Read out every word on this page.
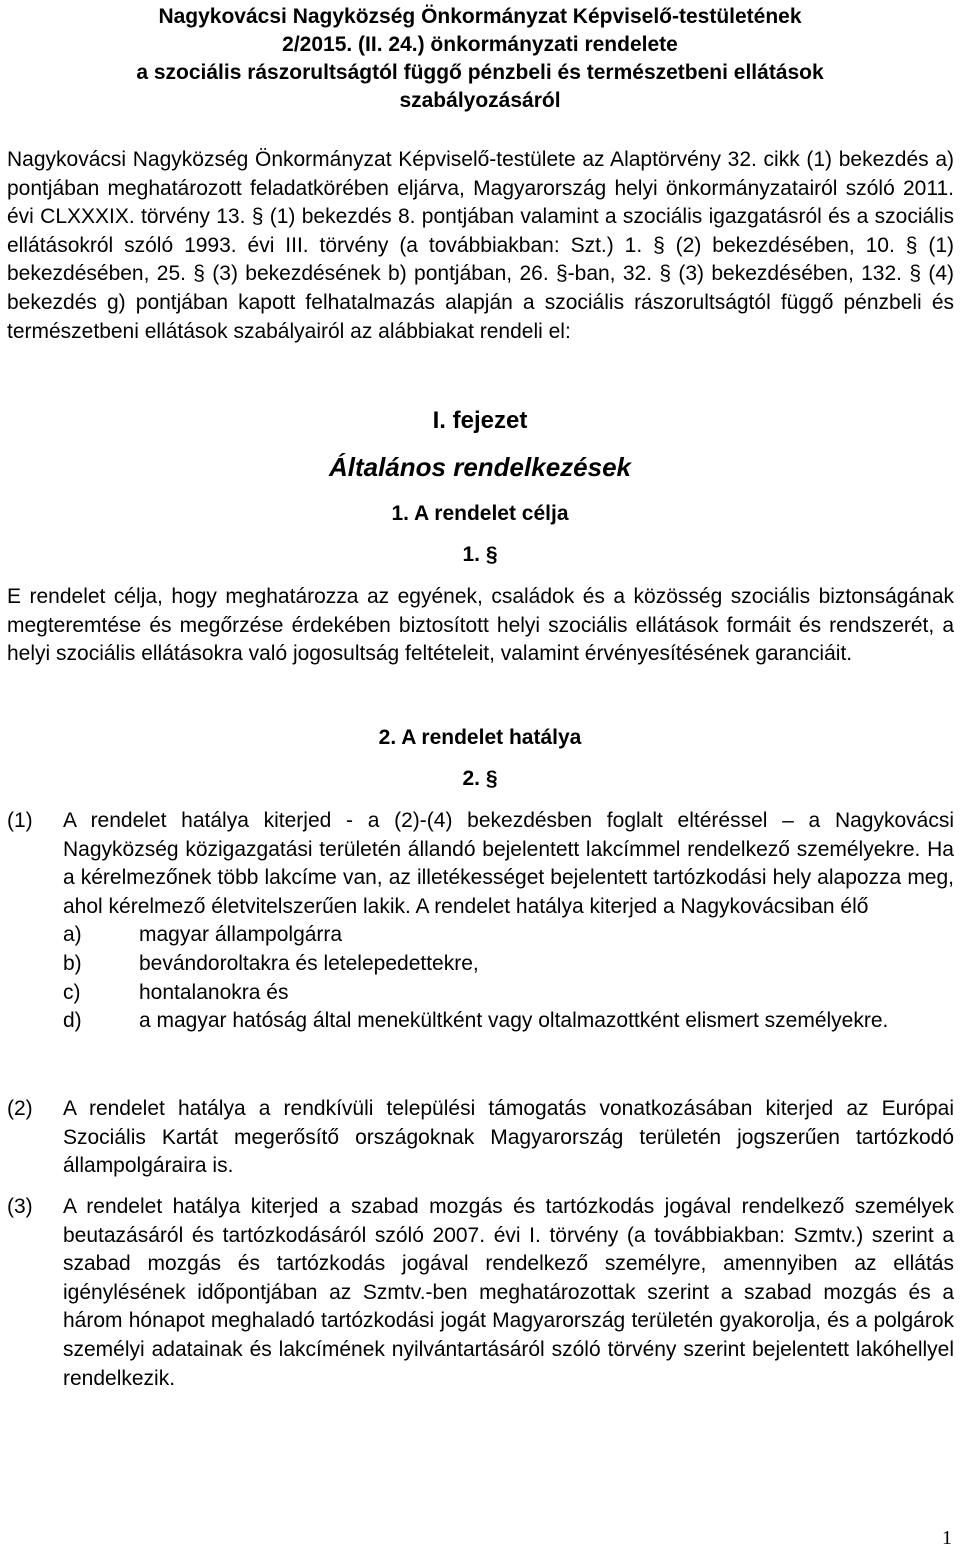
Nagykovácsi Nagyközség Önkormányzat Képviselő-testületének
2/2015. (II. 24.) önkormányzati rendelete
a szociális rászorultságtól függő pénzbeli és természetbeni ellátások
szabályozásáról
Nagykovácsi Nagyközség Önkormányzat Képviselő-testülete az Alaptörvény 32. cikk (1) bekezdés a) pontjában meghatározott feladatkörében eljárva, Magyarország helyi önkormányzatairól szóló 2011. évi CLXXXIX. törvény 13. § (1) bekezdés 8. pontjában valamint a szociális igazgatásról és a szociális ellátásokról szóló 1993. évi III. törvény (a továbbiakban: Szt.) 1. § (2) bekezdésében, 10. § (1) bekezdésében, 25. § (3) bekezdésének b) pontjában, 26. §-ban, 32. § (3) bekezdésében, 132. § (4) bekezdés g) pontjában kapott felhatalmazás alapján a szociális rászorultságtól függő pénzbeli és természetbeni ellátások szabályairól az alábbiakat rendeli el:
I. fejezet
Általános rendelkezések
1. A rendelet célja
1. §
E rendelet célja, hogy meghatározza az egyének, családok és a közösség szociális biztonságának megteremtése és megőrzése érdekében biztosított helyi szociális ellátások formáit és rendszerét, a helyi szociális ellátásokra való jogosultság feltételeit, valamint érvényesítésének garanciáit.
2. A rendelet hatálya
2. §
(1) A rendelet hatálya kiterjed - a (2)-(4) bekezdésben foglalt eltéréssel – a Nagykovácsi Nagyközség közigazgatási területén állandó bejelentett lakcímmel rendelkező személyekre. Ha a kérelmezőnek több lakcíme van, az illetékességet bejelentett tartózkodási hely alapozza meg, ahol kérelmező életvitelszerűen lakik. A rendelet hatálya kiterjed a Nagykovácsiban élő
a)	magyar állampolgárra
b)	bevándoroltakra és letelepedettekre,
c)	hontalanokra és
d)	a magyar hatóság által menekültként vagy oltalmazottként elismert személyekre.
(2) A rendelet hatálya a rendkívüli települési támogatás vonatkozásában kiterjed az Európai Szociális Kartát megerősítő országoknak Magyarország területén jogszerűen tartózkodó állampolgáraira is.
(3) A rendelet hatálya kiterjed a szabad mozgás és tartózkodás jogával rendelkező személyek beutazásáról és tartózkodásáról szóló 2007. évi I. törvény (a továbbiakban: Szmtv.) szerint a szabad mozgás és tartózkodás jogával rendelkező személyre, amennyiben az ellátás igénylésének időpontjában az Szmtv.-ben meghatározottak szerint a szabad mozgás és a három hónapot meghaladó tartózkodási jogát Magyarország területén gyakorolja, és a polgárok személyi adatainak és lakcímének nyilvántartásáról szóló törvény szerint bejelentett lakóhellyel rendelkezik.
1
